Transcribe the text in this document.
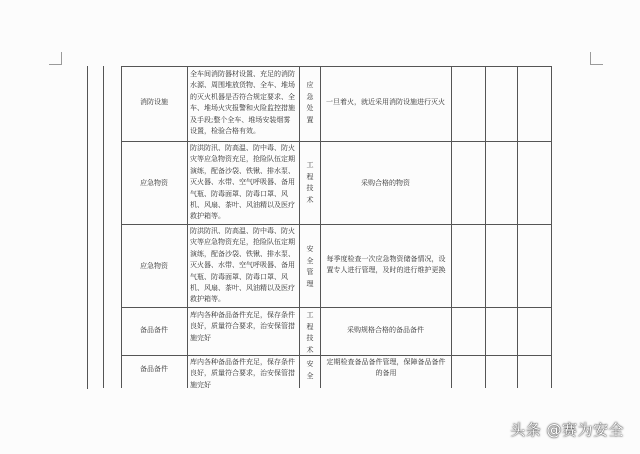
消防设施
全车间消防器材设置、充足的消防水源、周围堆放货物、全车、堆场的灭火机器是否符合规定要求、全车、堆场火灾报警和火险监控措施及手段;整个全车、堆场安装烟雾设置，检验合格有效。
应
急
处
置
一旦着火，就近采用消防设施进行灭火
应急物资
防洪防汛、防高温、防中毒、防火灾等应急物资充足，抢险队伍定期演练，配备沙袋、铁锹、排水泵、灭火器、水带、空气呼吸器、备用气瓶、防毒面罩、防毒口罩、风机、风扇、茶叶、风油精以及医疗救护箱等。
工
程
技
术
采购合格的物资
应急物资
防洪防汛、防高温、防中毒、防火灾等应急物资充足，抢险队伍定期演练，配备沙袋、铁锹、排水泵、灭火器、水带、空气呼吸器、备用气瓶、防毒面罩、防毒口罩、风机、风扇、茶叶、风油精以及医疗救护箱等。
安
全
管
理
每季度检查一次应急物资储备情况，设置专人进行管理，及时的进行维护更换
备品备件
库内各种备品备件充足，保存条件良好，质量符合要求，治安保管措施完好
工
程
技
术
采购规格合格的备品备件
备品备件
库内各种备品备件充足，保存条件良好，质量符合要求，治安保管措施完好
安
全
定期检查备品备件管理，保障备品备件的备用
头条 @赛为安全
